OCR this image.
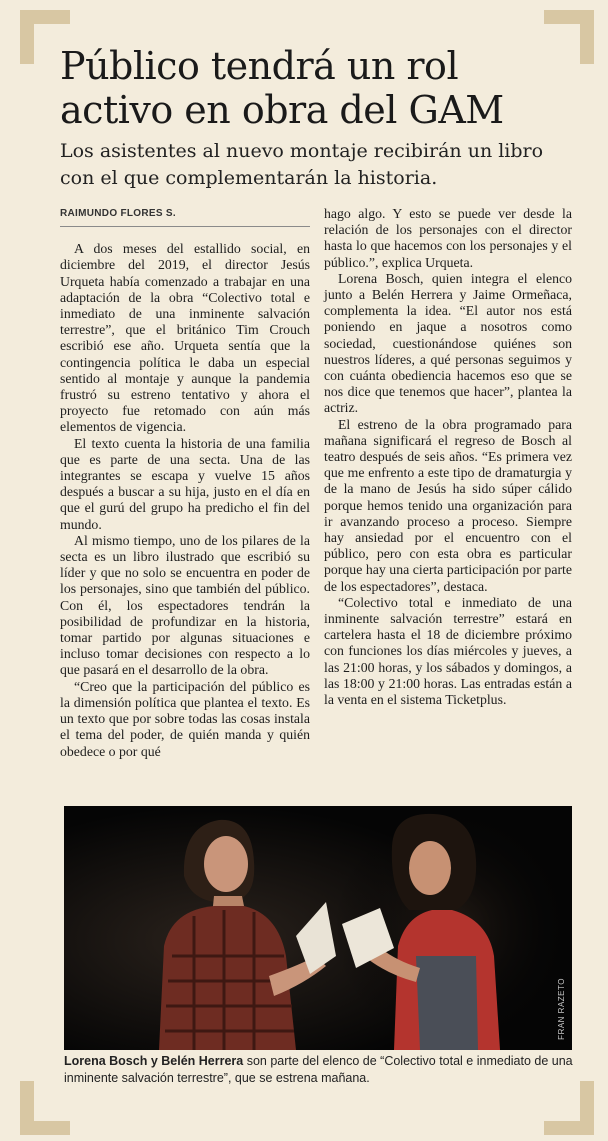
Público tendrá un rol activo en obra del GAM
Los asistentes al nuevo montaje recibirán un libro con el que complementarán la historia.
RAIMUNDO FLORES S.

A dos meses del estallido social, en diciembre del 2019, el director Jesús Urqueta había comenzado a trabajar en una adaptación de la obra “Colectivo total e inmediato de una inminente salvación terrestre”, que el británico Tim Crouch escribió ese año. Urqueta sentía que la contingencia política le daba un especial sentido al montaje y aunque la pandemia frustró su estreno tentativo y ahora el proyecto fue retomado con aún más elementos de vigencia.

El texto cuenta la historia de una familia que es parte de una secta. Una de las integrantes se escapa y vuelve 15 años después a buscar a su hija, justo en el día en que el gurú del grupo ha predicho el fin del mundo.

Al mismo tiempo, uno de los pilares de la secta es un libro ilustrado que escribió su líder y que no solo se encuentra en poder de los personajes, sino que también del público. Con él, los espectadores tendrán la posibilidad de profundizar en la historia, tomar partido por algunas situaciones e incluso tomar decisiones con respecto a lo que pasará en el desarrollo de la obra.

“Creo que la participación del público es la dimensión política que plantea el texto. Es un texto que por sobre todas las cosas instala el tema del poder, de quién manda y quién obedece o por qué

hago algo. Y esto se puede ver desde la relación de los personajes con el director hasta lo que hacemos con los personajes y el público.”, explica Urqueta.

Lorena Bosch, quien integra el elenco junto a Belén Herrera y Jaime Ormeñaca, complementa la idea. “El autor nos está poniendo en jaque a nosotros como sociedad, cuestionándose quiénes son nuestros líderes, a qué personas seguimos y con cuánta obediencia hacemos eso que se nos dice que tenemos que hacer”, plantea la actriz.

El estreno de la obra programado para mañana significará el regreso de Bosch al teatro después de seis años. “Es primera vez que me enfrento a este tipo de dramaturgia y de la mano de Jesús ha sido súper cálido porque hemos tenido una organización para ir avanzando proceso a proceso. Siempre hay ansiedad por el encuentro con el público, pero con esta obra es particular porque hay una cierta participación por parte de los espectadores”, destaca.

“Colectivo total e inmediato de una inminente salvación terrestre” estará en cartelera hasta el 18 de diciembre próximo con funciones los días miércoles y jueves, a las 21:00 horas, y los sábados y domingos, a las 18:00 y 21:00 horas. Las entradas están a la venta en el sistema Ticketplus.

FRAN RAZETO
Lorena Bosch y Belén Herrera son parte del elenco de “Colectivo total e inmediato de una inminente salvación terrestre”, que se estrena mañana.
